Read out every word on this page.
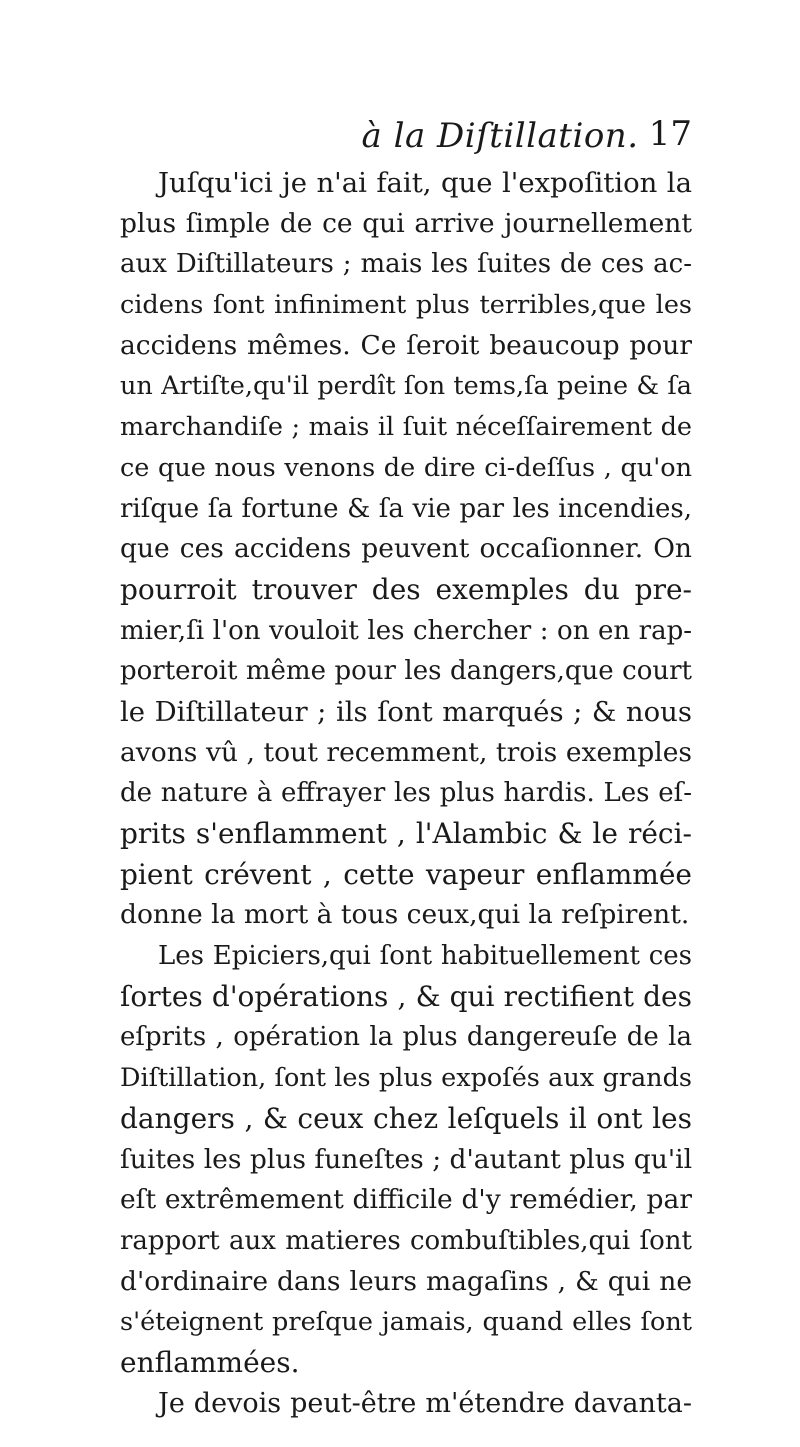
à la Diſtillation. 17
Juſqu'ici je n'ai fait, que l'expoſition la
plus ſimple de ce qui arrive journellement
aux Diſtillateurs ; mais les ſuites de ces ac-
cidens ſont infiniment plus terribles,que les
accidens mêmes. Ce ſeroit beaucoup pour
un Artiſte,qu'il perdît ſon tems,ſa peine & ſa
marchandiſe ; mais il ſuit néceſſairement de
ce que nous venons de dire ci-deſſus , qu'on
riſque ſa fortune & ſa vie par les incendies,
que ces accidens peuvent occaſionner. On
pourroit trouver des exemples du pre-
mier,ſi l'on vouloit les chercher : on en rap-
porteroit même pour les dangers,que court
le Diſtillateur ; ils ſont marqués ; & nous
avons vû , tout recemment, trois exemples
de nature à effrayer les plus hardis. Les eſ-
prits s'enflamment , l'Alambic & le réci-
pient crévent , cette vapeur enflammée
donne la mort à tous ceux,qui la reſpirent.
Les Epiciers,qui ſont habituellement ces
ſortes d'opérations , & qui rectifient des
eſprits , opération la plus dangereuſe de la
Diſtillation, ſont les plus expoſés aux grands
dangers , & ceux chez leſquels il ont les
ſuites les plus funeſtes ; d'autant plus qu'il
eſt extrêmement difficile d'y remédier, par
rapport aux matieres combuſtibles,qui ſont
d'ordinaire dans leurs magaſins , & qui ne
s'éteignent preſque jamais, quand elles ſont
enflammées.
Je devois peut-être m'étendre davanta-
